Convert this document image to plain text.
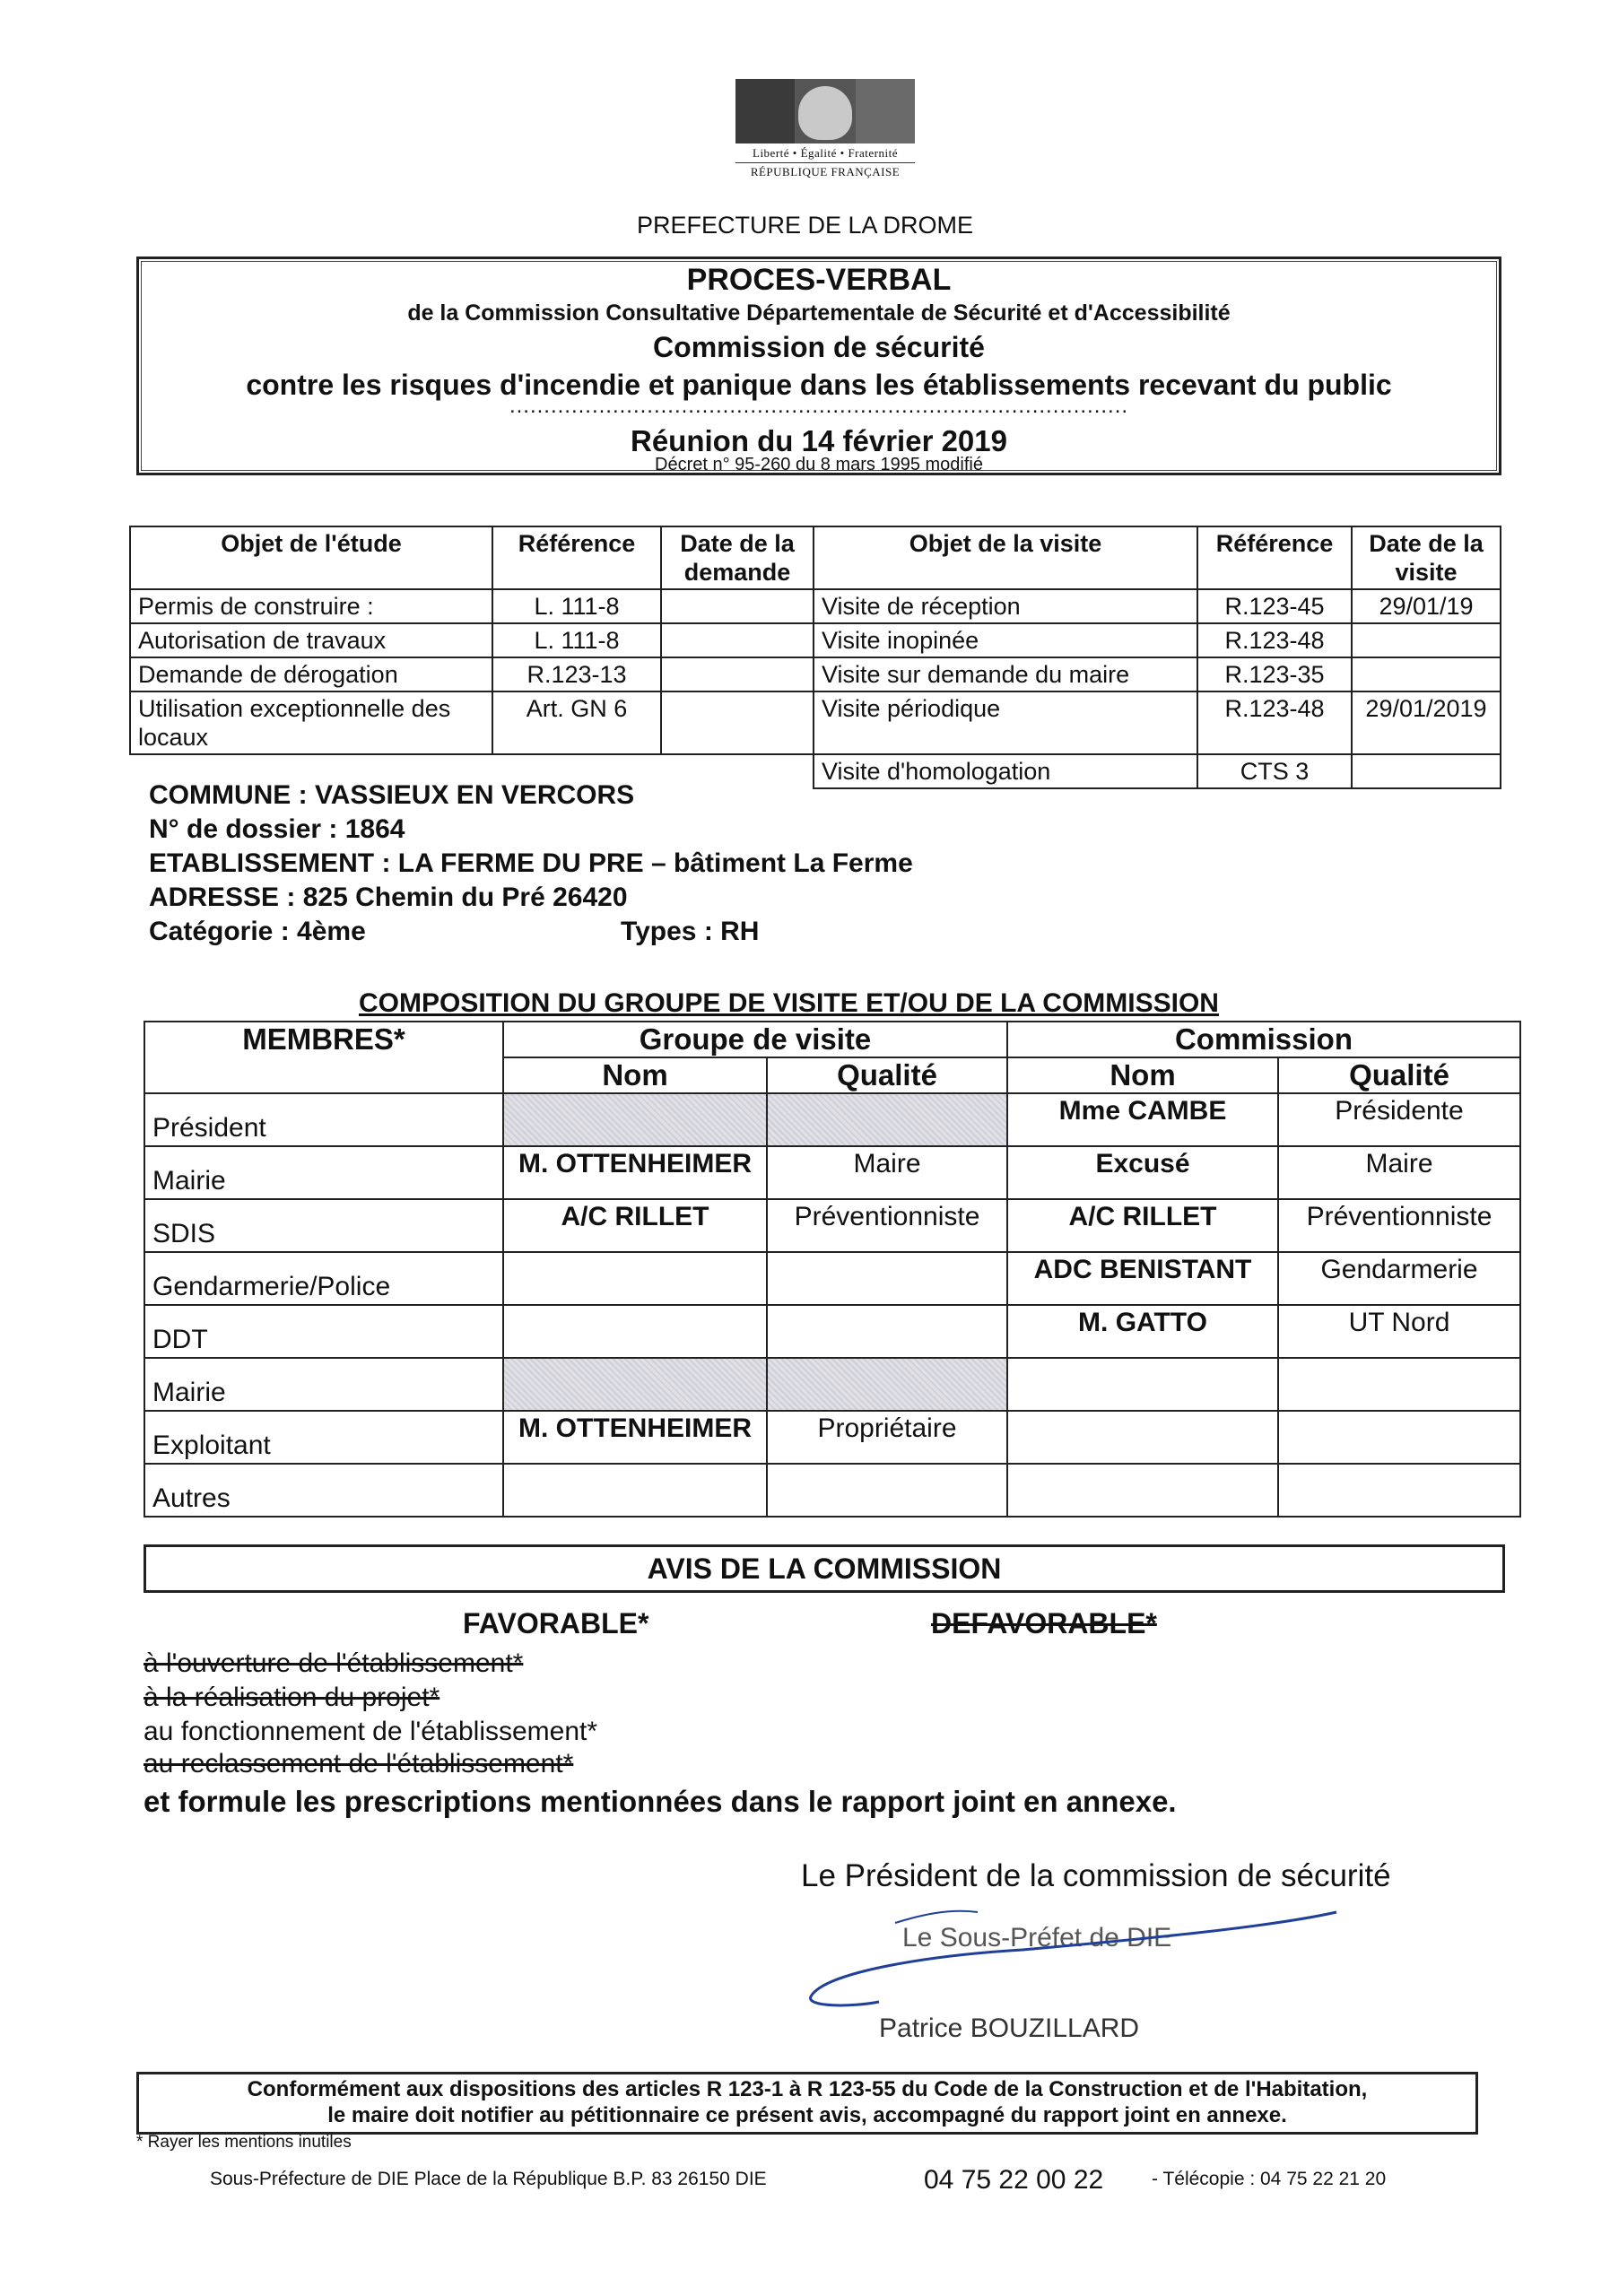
Liberté • Égalité • Fraternité
RÉPUBLIQUE FRANÇAISE
PREFECTURE DE LA DROME
PROCES-VERBAL
de la Commission Consultative Départementale de Sécurité et d'Accessibilité
Commission de sécurité
contre les risques d'incendie et panique dans les établissements recevant du public
..........................................................................................
Réunion du 14 février 2019
Décret n° 95-260 du 8 mars 1995 modifié
Objet de l'étude	Référence	Date de la demande	Objet de la visite	Référence	Date de la visite
Permis de construire :	L. 111-8		Visite de réception	R.123-45	29/01/19
Autorisation de travaux	L. 111-8		Visite inopinée	R.123-48	
Demande de dérogation	R.123-13		Visite sur demande du maire	R.123-35	
Utilisation exceptionnelle des locaux	Art. GN 6		Visite périodique	R.123-48	29/01/2019
			Visite d'homologation	CTS 3	
COMMUNE : VASSIEUX EN VERCORS
N° de dossier : 1864
ETABLISSEMENT : LA FERME DU PRE – bâtiment La Ferme
ADRESSE : 825 Chemin du Pré 26420
Catégorie : 4ème	Types : RH
COMPOSITION DU GROUPE DE VISITE ET/OU DE LA COMMISSION
MEMBRES*	Groupe de visite		Commission	
	Nom	Qualité	Nom	Qualité
Président			Mme CAMBE	Présidente
Mairie	M. OTTENHEIMER	Maire	Excusé	Maire
SDIS	A/C RILLET	Préventionniste	A/C RILLET	Préventionniste
Gendarmerie/Police			ADC BENISTANT	Gendarmerie
DDT			M. GATTO	UT Nord
Mairie				
Exploitant	M. OTTENHEIMER	Propriétaire		
Autres				
AVIS DE LA COMMISSION
FAVORABLE*	DEFAVORABLE*
à l'ouverture de l'établissement*
à la réalisation du projet*
au fonctionnement de l'établissement*
au reclassement de l'établissement*
et formule les prescriptions mentionnées dans le rapport joint en annexe.
Le Président de la commission de sécurité
Le Sous-Préfet de DIE
Patrice BOUZILLARD
Conformément aux dispositions des articles R 123-1 à R 123-55 du Code de la Construction et de l'Habitation,
le maire doit notifier au pétitionnaire ce présent avis, accompagné du rapport joint en annexe.
* Rayer les mentions inutiles
Sous-Préfecture de DIE Place de la République B.P. 83 26150 DIE	04 75 22 00 22	- Télécopie : 04 75 22 21 20
